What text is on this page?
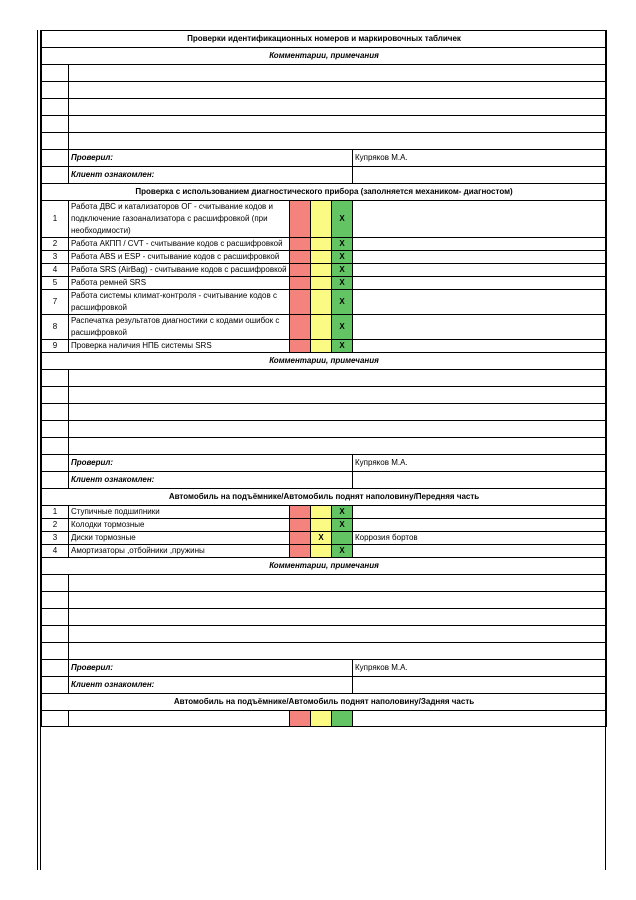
Проверки идентификационных номеров и маркировочных табличек					
Комментарии, примечания					

	Проверил:				Купряков М.А.
	Клиент ознакомлен:				
Проверка с использованием диагностического прибора (заполняется механиком- диагностом)					
1	Работа ДВС и катализаторов ОГ - считывание кодов и подключение газоанализатора с расшифровкой (при необходимости)			X	
2	Работа АКПП / CVT - считывание кодов с расшифровкой			X	
3	Работа ABS и ESP - считывание кодов с расшифровкой			X	
4	Работа SRS (AirBag) - считывание кодов с расшифровкой			X	
5	Работа ремней SRS			X	
7	Работа системы климат-контроля - считывание кодов с расшифровкой			X	
8	Распечатка результатов диагностики с кодами ошибок с расшифровкой			X	
9	Проверка наличия НПБ системы SRS			X	
Комментарии, примечания					

	Проверил:				Купряков М.А.
	Клиент ознакомлен:				
Автомобиль на подъёмнике/Автомобиль поднят наполовину/Передняя часть					
1	Ступичные подшипники			X	
2	Колодки тормозные			X	
3	Диски тормозные		X		Коррозия бортов
4	Амортизаторы ,отбойники ,пружины			X	
Комментарии, примечания					

	Проверил:				Купряков М.А.
	Клиент ознакомлен:				
Автомобиль на подъёмнике/Автомобиль поднят наполовину/Задняя часть					
